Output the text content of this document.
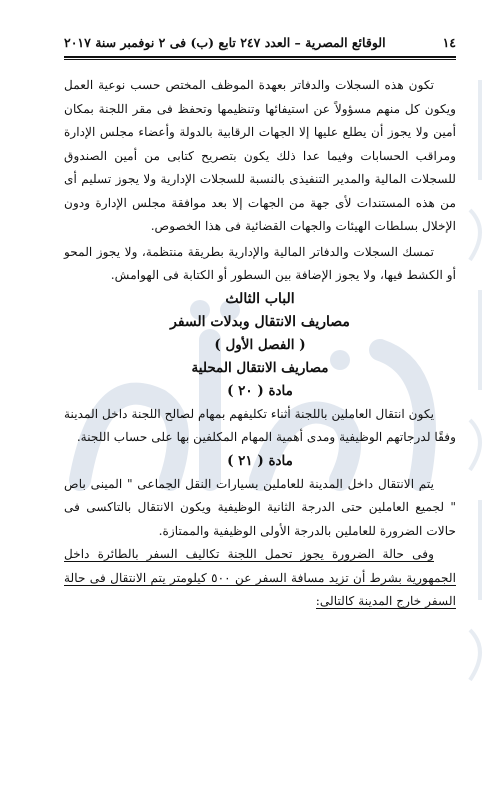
١٤
الوقائع المصرية – العدد ٢٤٧ تابع (ب) فى ٢ نوفمبر سنة ٢٠١٧

تكون هذه السجلات والدفاتر بعهدة الموظف المختص حسب نوعية العمل ويكون كل منهم مسؤولاً عن استيفائها وتنظيمها وتحفظ فى مقر اللجنة بمكان أمين ولا يجوز أن يطلع عليها إلا الجهات الرقابية بالدولة وأعضاء مجلس الإدارة ومراقب الحسابات وفيما عدا ذلك يكون بتصريح كتابى من أمين الصندوق للسجلات المالية والمدير التنفيذى بالنسبة للسجلات الإدارية ولا يجوز تسليم أى من هذه المستندات لأى جهة من الجهات إلا بعد موافقة مجلس الإدارة ودون الإخلال بسلطات الهيئات والجهات القضائية فى هذا الخصوص.

تمسك السجلات والدفاتر المالية والإدارية بطريقة منتظمة، ولا يجوز المحو أو الكشط فيها، ولا يجوز الإضافة بين السطور أو الكتابة فى الهوامش.

الباب الثالث
مصاريف الانتقال وبدلات السفر
( الفصل الأول )
مصاريف الانتقال المحلية
مادة ( ٢٠ )

يكون انتقال العاملين باللجنة أثناء تكليفهم بمهام لصالح اللجنة داخل المدينة وفقًا لدرجاتهم الوظيفية ومدى أهمية المهام المكلفين بها على حساب اللجنة.

مادة ( ٢١ )

يتم الانتقال داخل المدينة للعاملين بسيارات النقل الجماعى " المينى باص " لجميع العاملين حتى الدرجة الثانية الوظيفية ويكون الانتقال بالتاكسى فى حالات الضرورة للعاملين بالدرجة الأولى الوظيفية والممتازة.

وفى حالة الضرورة يجوز تحمل اللجنة تكاليف السفر بالطائرة داخل الجمهورية بشرط أن تزيد مسافة السفر عن ٥٠٠ كيلومتر يتم الانتقال فى حالة السفر خارج المدينة كالتالى:
